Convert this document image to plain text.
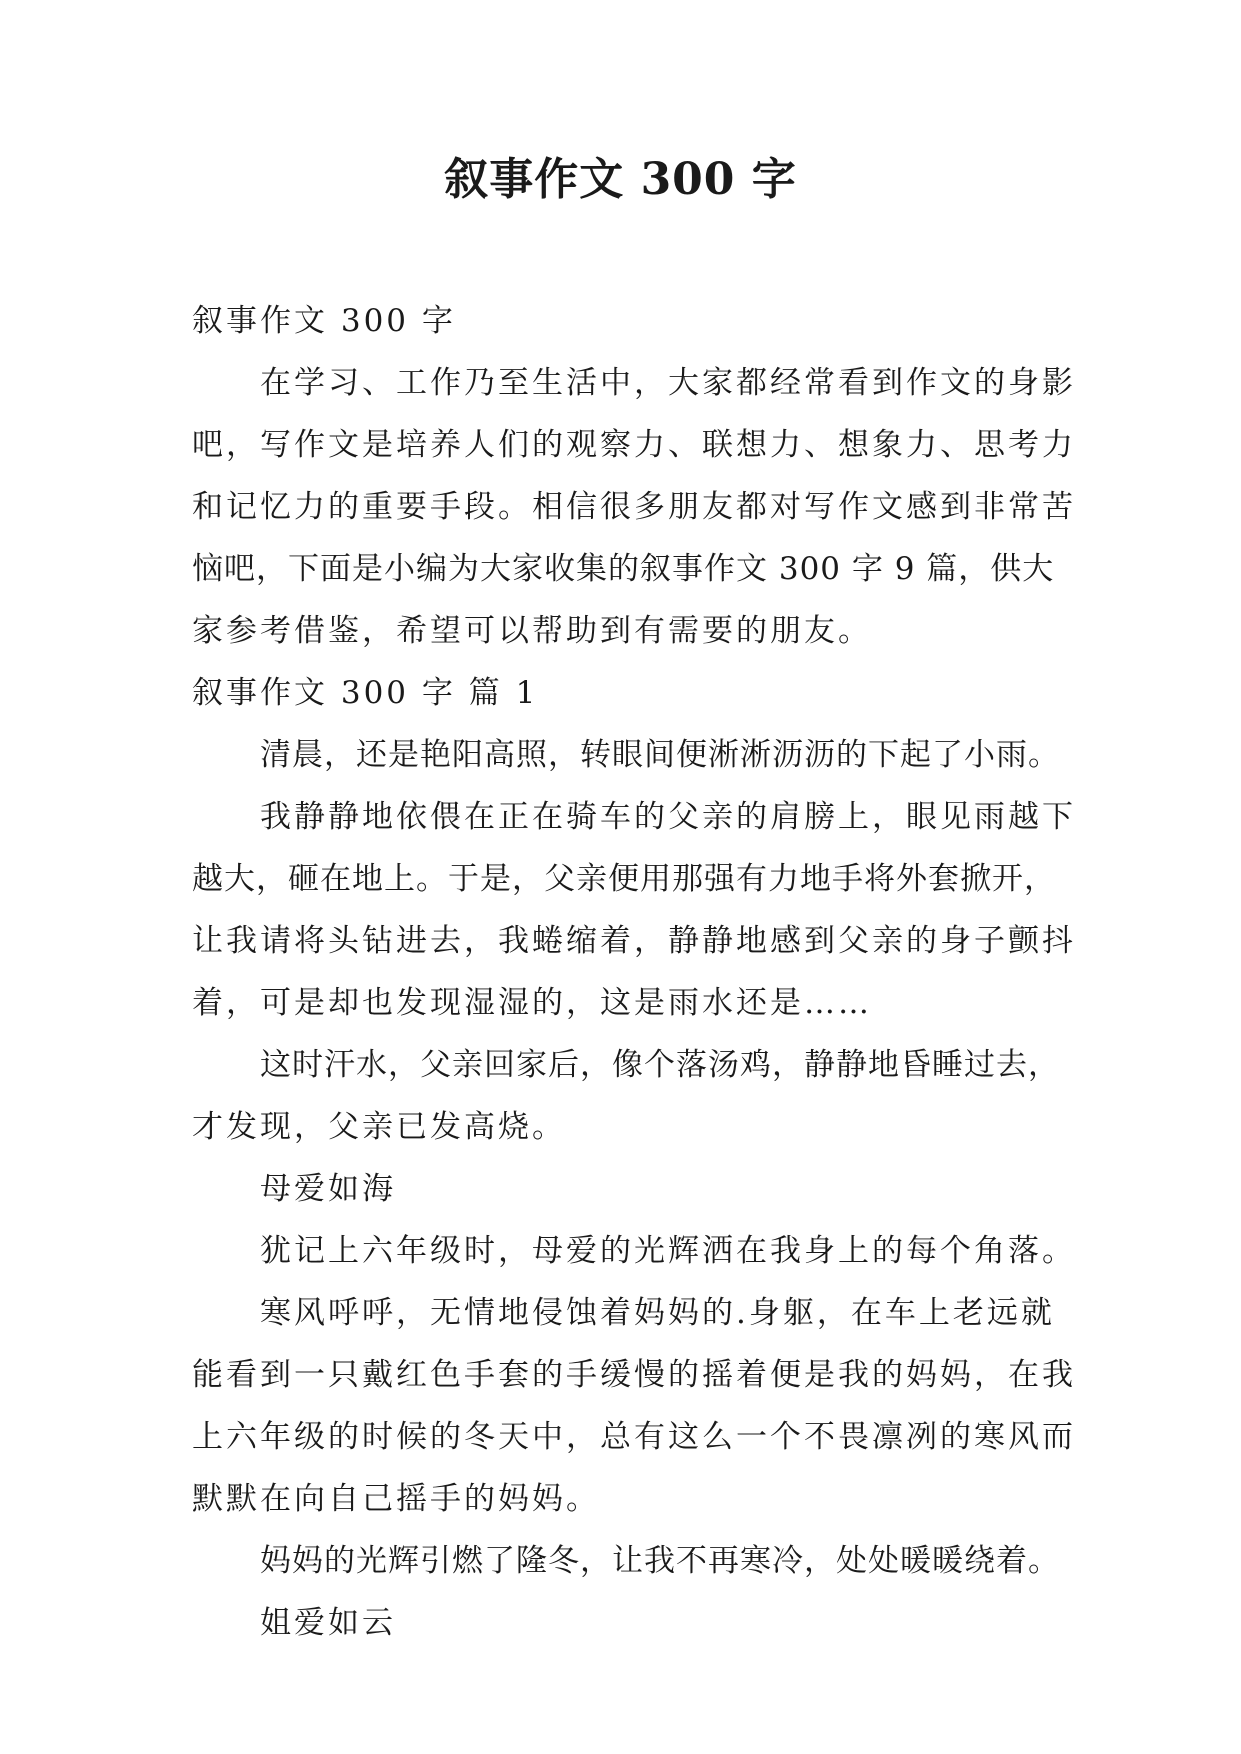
叙事作文 300 字
叙事作文 300 字
在学习、工作乃至生活中，大家都经常看到作文的身影
吧，写作文是培养人们的观察力、联想力、想象力、思考力
和记忆力的重要手段。相信很多朋友都对写作文感到非常苦
恼吧，下面是小编为大家收集的叙事作文 300 字 9 篇，供大
家参考借鉴，希望可以帮助到有需要的朋友。
叙事作文 300 字 篇 1
清晨，还是艳阳高照，转眼间便淅淅沥沥的下起了小雨。
我静静地依偎在正在骑车的父亲的肩膀上，眼见雨越下
越大，砸在地上。于是，父亲便用那强有力地手将外套掀开，
让我请将头钻进去，我蜷缩着，静静地感到父亲的身子颤抖
着，可是却也发现湿湿的，这是雨水还是……
这时汗水，父亲回家后，像个落汤鸡，静静地昏睡过去，
才发现，父亲已发高烧。
母爱如海
犹记上六年级时，母爱的光辉洒在我身上的每个角落。
寒风呼呼，无情地侵蚀着妈妈的.身躯，在车上老远就
能看到一只戴红色手套的手缓慢的摇着便是我的妈妈，在我
上六年级的时候的冬天中，总有这么一个不畏凛冽的寒风而
默默在向自己摇手的妈妈。
妈妈的光辉引燃了隆冬，让我不再寒冷，处处暖暖绕着。
姐爱如云
